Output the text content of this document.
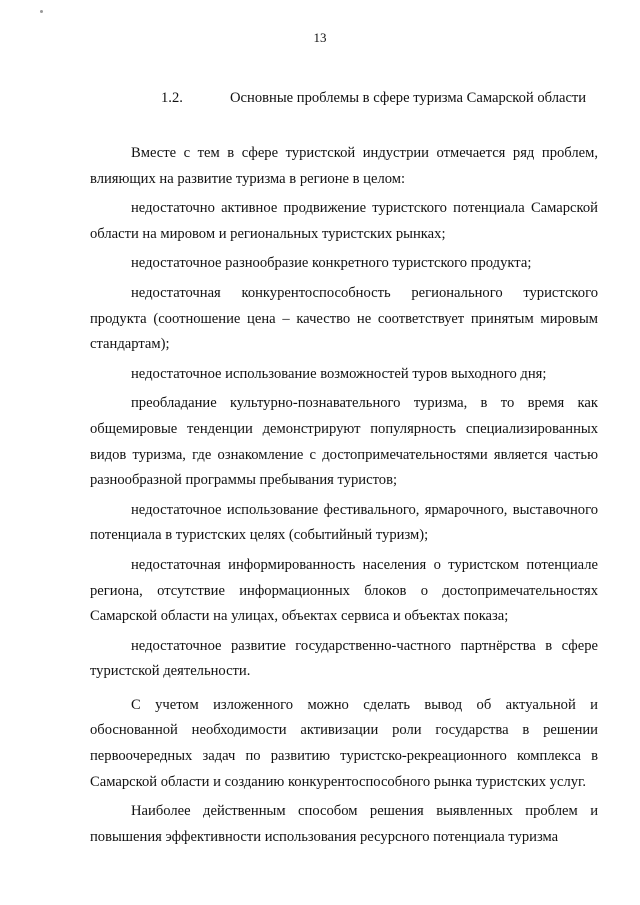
13
1.2.	Основные проблемы в сфере туризма Самарской области

Вместе с тем в сфере туристской индустрии отмечается ряд проблем, влияющих на развитие туризма в регионе в целом:

недостаточно активное продвижение туристского потенциала Самарской области на мировом и региональных туристских рынках;

недостаточное разнообразие конкретного туристского продукта;

недостаточная конкурентоспособность регионального туристского продукта (соотношение цена – качество не соответствует принятым мировым стандартам);

недостаточное использование возможностей туров выходного дня;

преобладание культурно-познавательного туризма, в то время как общемировые тенденции демонстрируют популярность специализированных видов туризма, где ознакомление с достопримечательностями является частью разнообразной программы пребывания туристов;

недостаточное использование фестивального, ярмарочного, выставочного потенциала в туристских целях (событийный туризм);

недостаточная информированность населения о туристском потенциале региона, отсутствие информационных блоков о достопримечательностях Самарской области на улицах, объектах сервиса и объектах показа;

недостаточное развитие государственно-частного партнёрства в сфере туристской деятельности.

С учетом изложенного можно сделать вывод об актуальной и обоснованной необходимости активизации роли государства в решении первоочередных задач по развитию туристско-рекреационного комплекса в Самарской области и созданию конкурентоспособного рынка туристских услуг.

Наиболее действенным способом решения выявленных проблем и повышения эффективности использования ресурсного потенциала туризма
